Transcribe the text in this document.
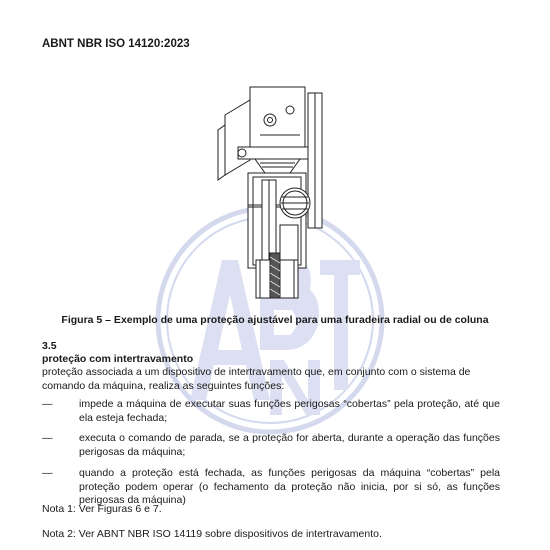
ABNT NBR ISO 14120:2023
Figura 5 – Exemplo de uma proteção ajustável para uma furadeira radial ou de coluna
3.5
proteção com intertravamento
proteção associada a um dispositivo de intertravamento que, em conjunto com o sistema de comando da máquina, realiza as seguintes funções:
—	impede a máquina de executar suas funções perigosas “cobertas” pela proteção, até que ela esteja fechada;
—	executa o comando de parada, se a proteção for aberta, durante a operação das funções perigosas da máquina;
—	quando a proteção está fechada, as funções perigosas da máquina “cobertas” pela proteção podem operar (o fechamento da proteção não inicia, por si só, as funções perigosas da máquina)
Nota 1: Ver Figuras 6 e 7.
Nota 2: Ver ABNT NBR ISO 14119 sobre dispositivos de intertravamento.
